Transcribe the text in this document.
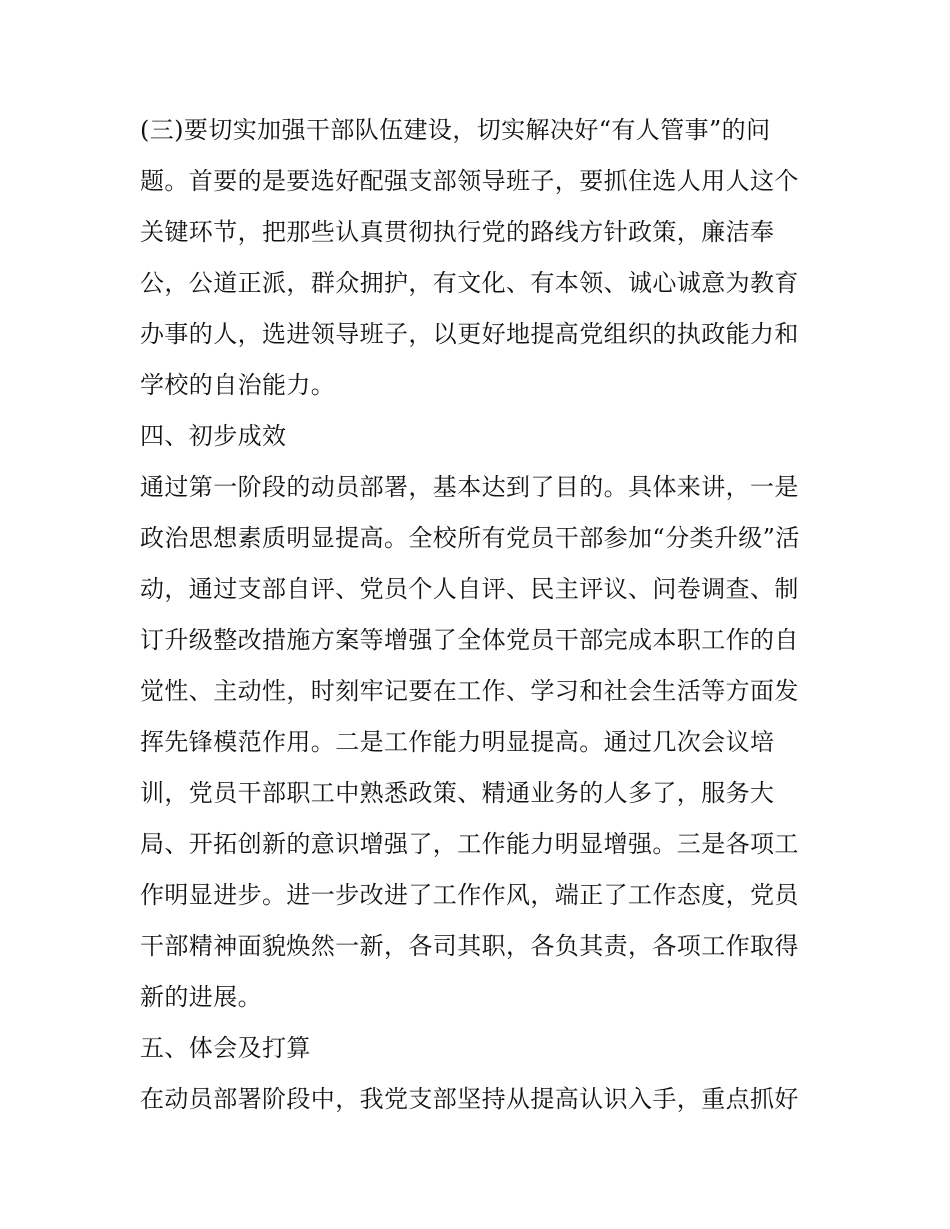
(三)要切实加强干部队伍建设，切实解决好“有人管事”的问
题。首要的是要选好配强支部领导班子，要抓住选人用人这个
关键环节，把那些认真贯彻执行党的路线方针政策，廉洁奉
公，公道正派，群众拥护，有文化、有本领、诚心诚意为教育
办事的人，选进领导班子，以更好地提高党组织的执政能力和
学校的自治能力。
四、初步成效
通过第一阶段的动员部署，基本达到了目的。具体来讲，一是
政治思想素质明显提高。全校所有党员干部参加“分类升级”活
动，通过支部自评、党员个人自评、民主评议、问卷调查、制
订升级整改措施方案等增强了全体党员干部完成本职工作的自
觉性、主动性，时刻牢记要在工作、学习和社会生活等方面发
挥先锋模范作用。二是工作能力明显提高。通过几次会议培
训，党员干部职工中熟悉政策、精通业务的人多了，服务大
局、开拓创新的意识增强了，工作能力明显增强。三是各项工
作明显进步。进一步改进了工作作风，端正了工作态度，党员
干部精神面貌焕然一新，各司其职，各负其责，各项工作取得
新的进展。
五、体会及打算
在动员部署阶段中，我党支部坚持从提高认识入手，重点抓好
